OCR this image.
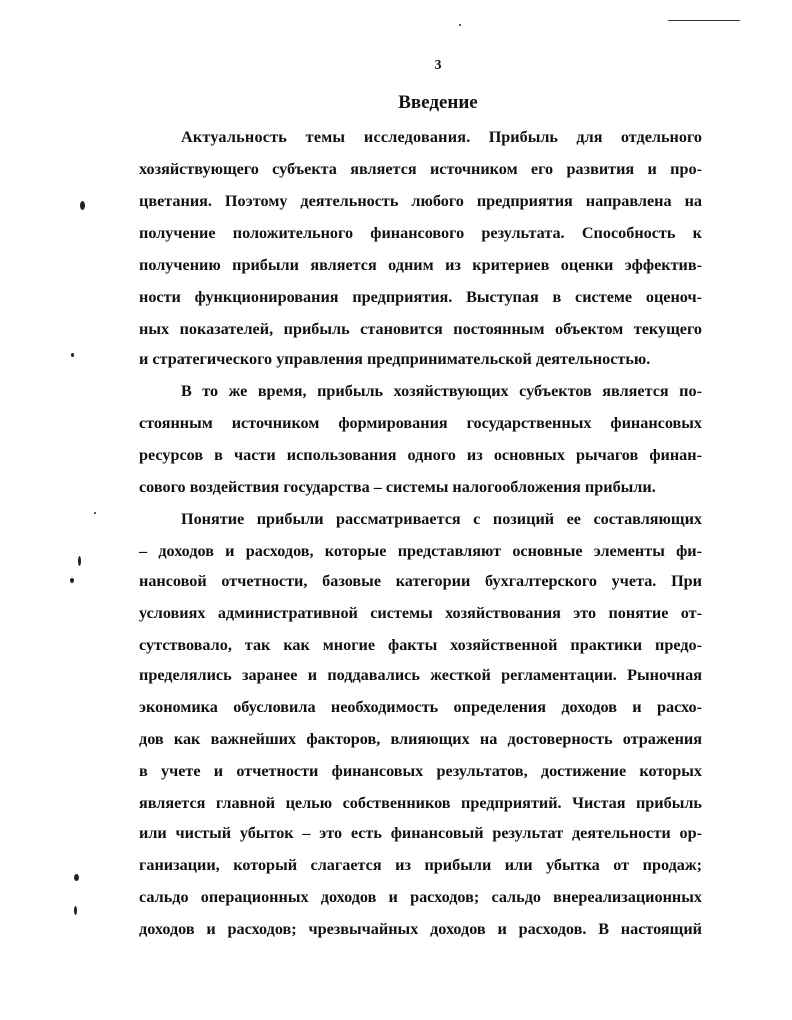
3
Введение
Актуальность темы исследования. Прибыль для отдельного
хозяйствующего субъекта является источником его развития и про-
цветания. Поэтому деятельность любого предприятия направлена на
получение положительного финансового результата. Способность к
получению прибыли является одним из критериев оценки эффектив-
ности функционирования предприятия. Выступая в системе оценоч-
ных показателей, прибыль становится постоянным объектом текущего
и стратегического управления предпринимательской деятельностью.
В то же время, прибыль хозяйствующих субъектов является по-
стоянным источником формирования государственных финансовых
ресурсов в части использования одного из основных рычагов финан-
сового воздействия государства – системы налогообложения прибыли.
Понятие прибыли рассматривается с позиций ее составляющих
– доходов и расходов, которые представляют основные элементы фи-
нансовой отчетности, базовые категории бухгалтерского учета. При
условиях административной системы хозяйствования это понятие от-
сутствовало, так как многие факты хозяйственной практики предо-
пределялись заранее и поддавались жесткой регламентации. Рыночная
экономика обусловила необходимость определения доходов и расхо-
дов как важнейших факторов, влияющих на достоверность отражения
в учете и отчетности финансовых результатов, достижение которых
является главной целью собственников предприятий. Чистая прибыль
или чистый убыток – это есть финансовый результат деятельности ор-
ганизации, который слагается из прибыли или убытка от продаж;
сальдо операционных доходов и расходов; сальдо внереализационных
доходов и расходов; чрезвычайных доходов и расходов. В настоящий
